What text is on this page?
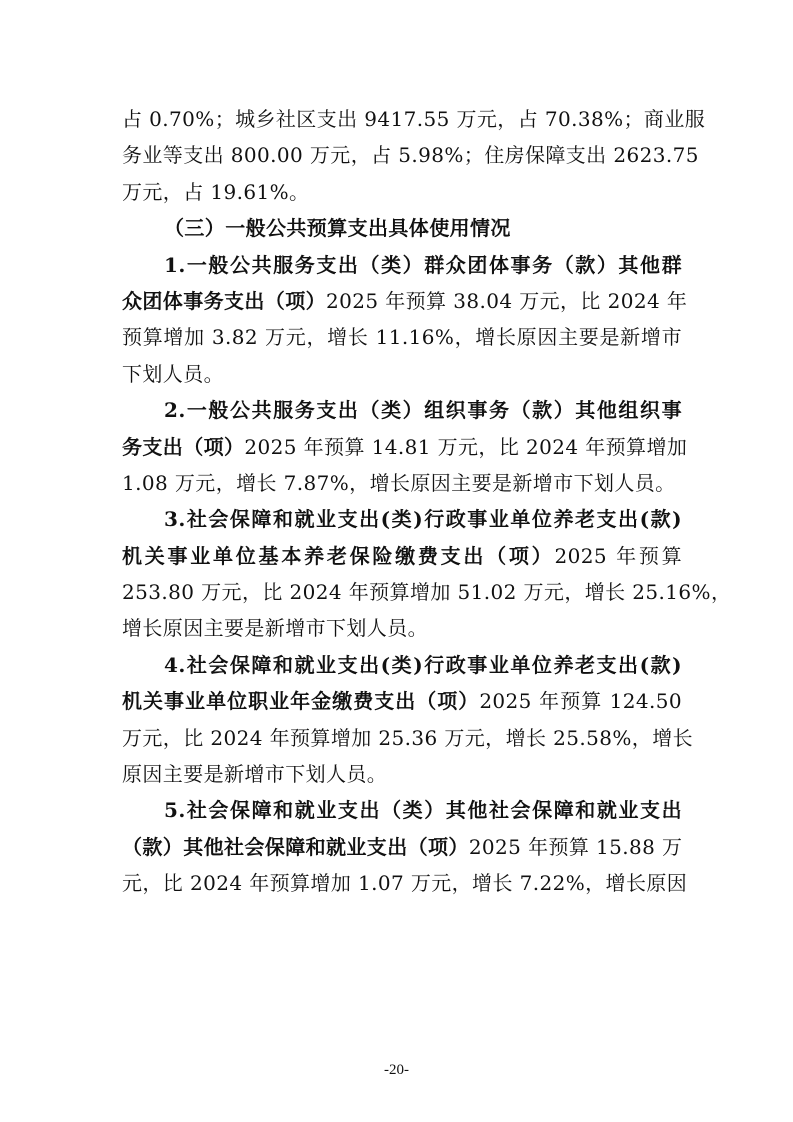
占 0.70%；城乡社区支出 9417.55 万元，占 70.38%；商业服
务业等支出 800.00 万元，占 5.98%；住房保障支出 2623.75
万元，占 19.61%。
（三）一般公共预算支出具体使用情况
1.一般公共服务支出（类）群众团体事务（款）其他群
众团体事务支出（项）2025 年预算 38.04 万元，比 2024 年
预算增加 3.82 万元，增长 11.16%，增长原因主要是新增市
下划人员。
2.一般公共服务支出（类）组织事务（款）其他组织事
务支出（项）2025 年预算 14.81 万元，比 2024 年预算增加
1.08 万元，增长 7.87%，增长原因主要是新增市下划人员。
3.社会保障和就业支出(类)行政事业单位养老支出(款)
机关事业单位基本养老保险缴费支出（项）2025 年预算
253.80 万元，比 2024 年预算增加 51.02 万元，增长 25.16%，
增长原因主要是新增市下划人员。
4.社会保障和就业支出(类)行政事业单位养老支出(款)
机关事业单位职业年金缴费支出（项）2025 年预算 124.50
万元，比 2024 年预算增加 25.36 万元，增长 25.58%，增长
原因主要是新增市下划人员。
5.社会保障和就业支出（类）其他社会保障和就业支出
（款）其他社会保障和就业支出（项）2025 年预算 15.88 万
元，比 2024 年预算增加 1.07 万元，增长 7.22%，增长原因
-20-
